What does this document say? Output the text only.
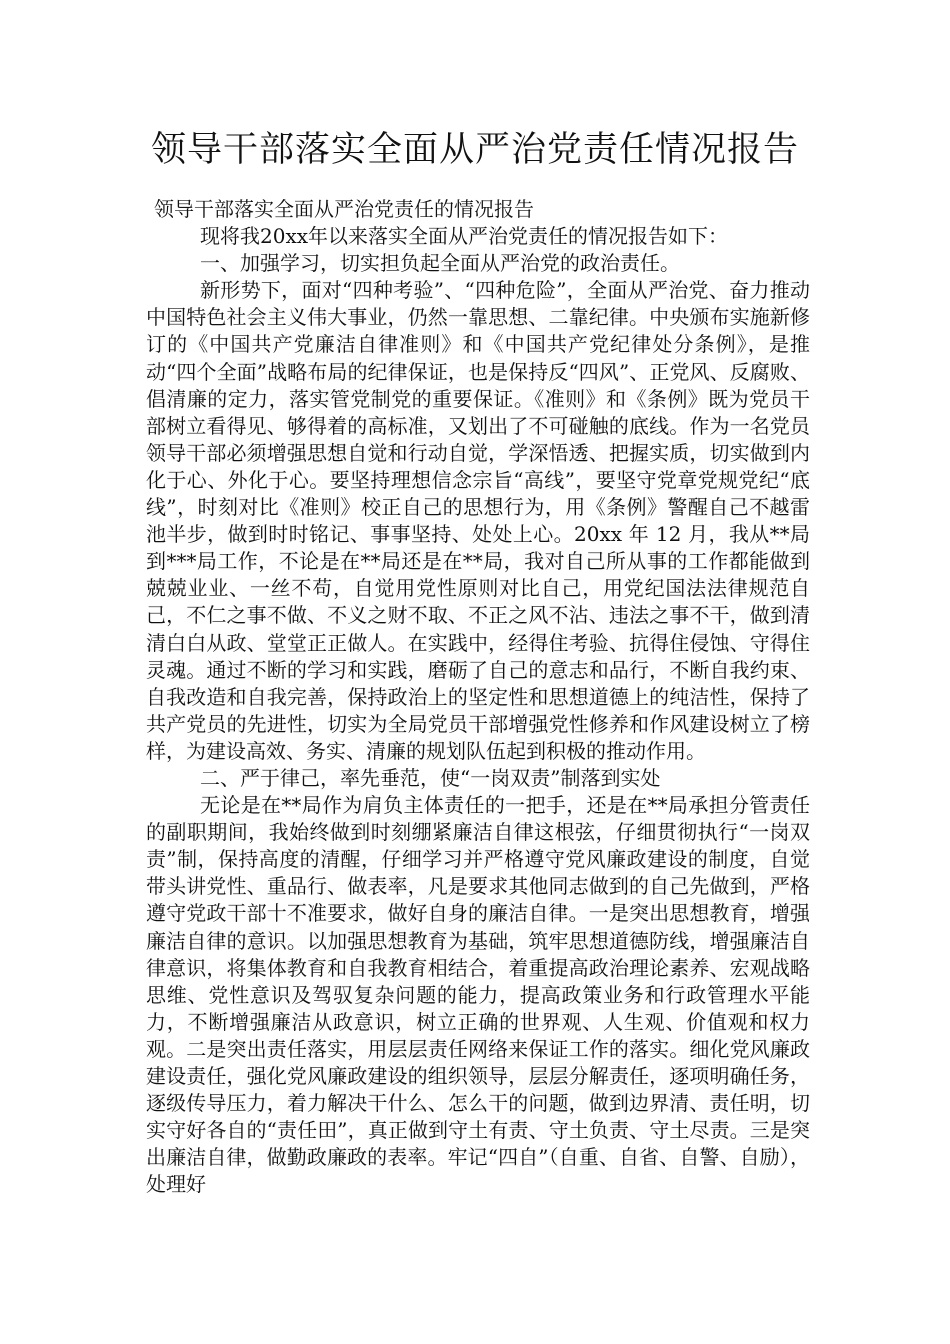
领导干部落实全面从严治党责任情况报告

领导干部落实全面从严治党责任的情况报告

现将我20xx年以来落实全面从严治党责任的情况报告如下：

一、加强学习，切实担负起全面从严治党的政治责任。

新形势下，面对“四种考验”、“四种危险”，全面从严治党、奋力推动中国特色社会主义伟大事业，仍然一靠思想、二靠纪律。中央颁布实施新修订的《中国共产党廉洁自律准则》和《中国共产党纪律处分条例》，是推动“四个全面”战略布局的纪律保证，也是保持反“四风”、正党风、反腐败、倡清廉的定力，落实管党制党的重要保证。《准则》和《条例》既为党员干部树立看得见、够得着的高标准，又划出了不可碰触的底线。作为一名党员领导干部必须增强思想自觉和行动自觉，学深悟透、把握实质，切实做到内化于心、外化于心。要坚持理想信念宗旨“高线”，要坚守党章党规党纪“底线”，时刻对比《准则》校正自己的思想行为，用《条例》警醒自己不越雷池半步，做到时时铭记、事事坚持、处处上心。20xx 年 12 月，我从**局到***局工作，不论是在**局还是在**局，我对自己所从事的工作都能做到兢兢业业、一丝不苟，自觉用党性原则对比自己，用党纪国法法律规范自己，不仁之事不做、不义之财不取、不正之风不沾、违法之事不干，做到清清白白从政、堂堂正正做人。在实践中，经得住考验、抗得住侵蚀、守得住灵魂。通过不断的学习和实践，磨砺了自己的意志和品行，不断自我约束、自我改造和自我完善，保持政治上的坚定性和思想道德上的纯洁性，保持了共产党员的先进性，切实为全局党员干部增强党性修养和作风建设树立了榜样，为建设高效、务实、清廉的规划队伍起到积极的推动作用。

二、严于律己，率先垂范，使“一岗双责”制落到实处

无论是在**局作为肩负主体责任的一把手，还是在**局承担分管责任的副职期间，我始终做到时刻绷紧廉洁自律这根弦，仔细贯彻执行“一岗双责”制，保持高度的清醒，仔细学习并严格遵守党风廉政建设的制度，自觉带头讲党性、重品行、做表率，凡是要求其他同志做到的自己先做到，严格遵守党政干部十不准要求，做好自身的廉洁自律。一是突出思想教育，增强廉洁自律的意识。以加强思想教育为基础，筑牢思想道德防线，增强廉洁自律意识，将集体教育和自我教育相结合，着重提高政治理论素养、宏观战略思维、党性意识及驾驭复杂问题的能力，提高政策业务和行政管理水平能力，不断增强廉洁从政意识，树立正确的世界观、人生观、价值观和权力观。二是突出责任落实，用层层责任网络来保证工作的落实。细化党风廉政建设责任，强化党风廉政建设的组织领导，层层分解责任，逐项明确任务，逐级传导压力，着力解决干什么、怎么干的问题，做到边界清、责任明，切实守好各自的“责任田”，真正做到守土有责、守土负责、守土尽责。三是突出廉洁自律，做勤政廉政的表率。牢记“四自”（自重、自省、自警、自励），处理好
